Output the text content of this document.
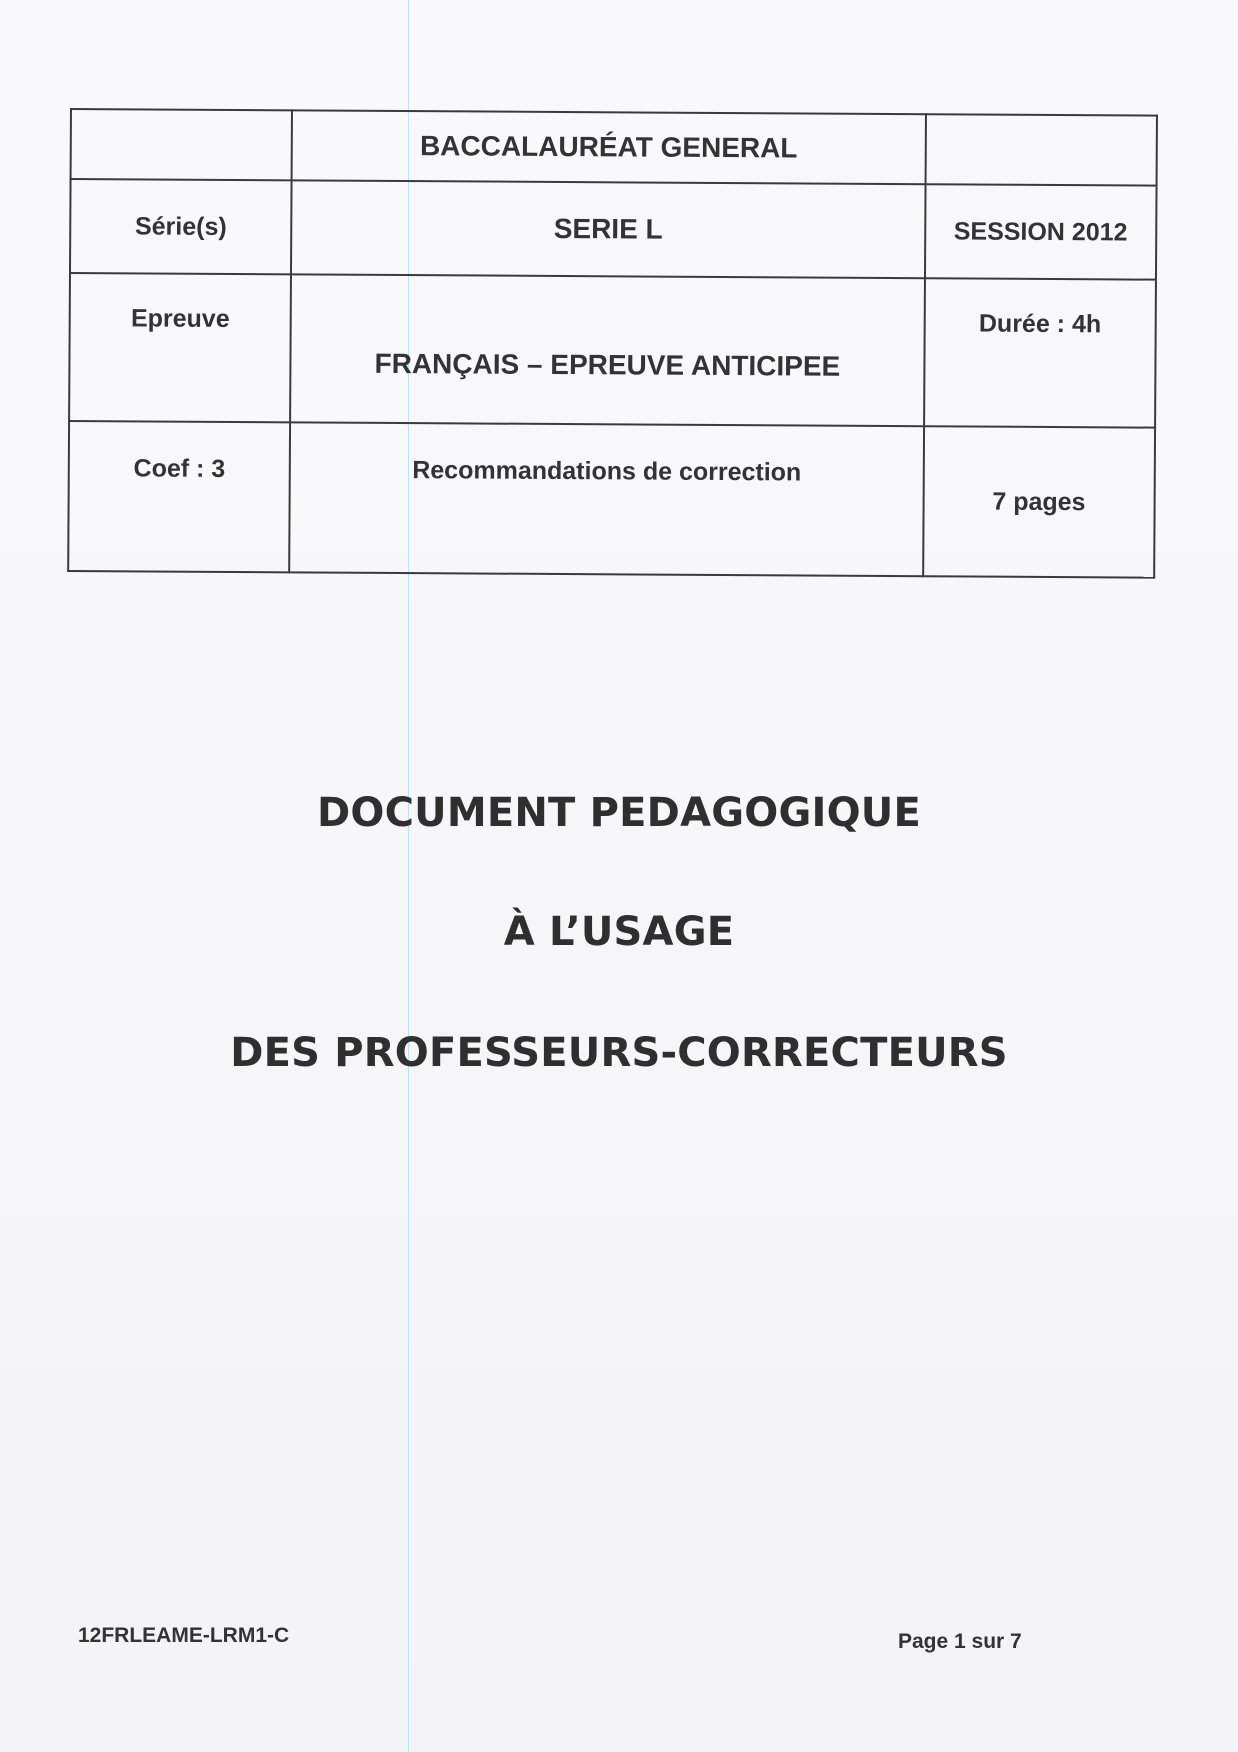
	BACCALAURÉAT GENERAL	
Série(s)	SERIE L	SESSION 2012
Epreuve	FRANÇAIS – EPREUVE ANTICIPEE	Durée : 4h
Coef : 3	Recommandations de correction	7 pages
DOCUMENT PEDAGOGIQUE
À L’USAGE
DES PROFESSEURS-CORRECTEURS
12FRLEAME-LRM1-C	Page 1 sur 7
